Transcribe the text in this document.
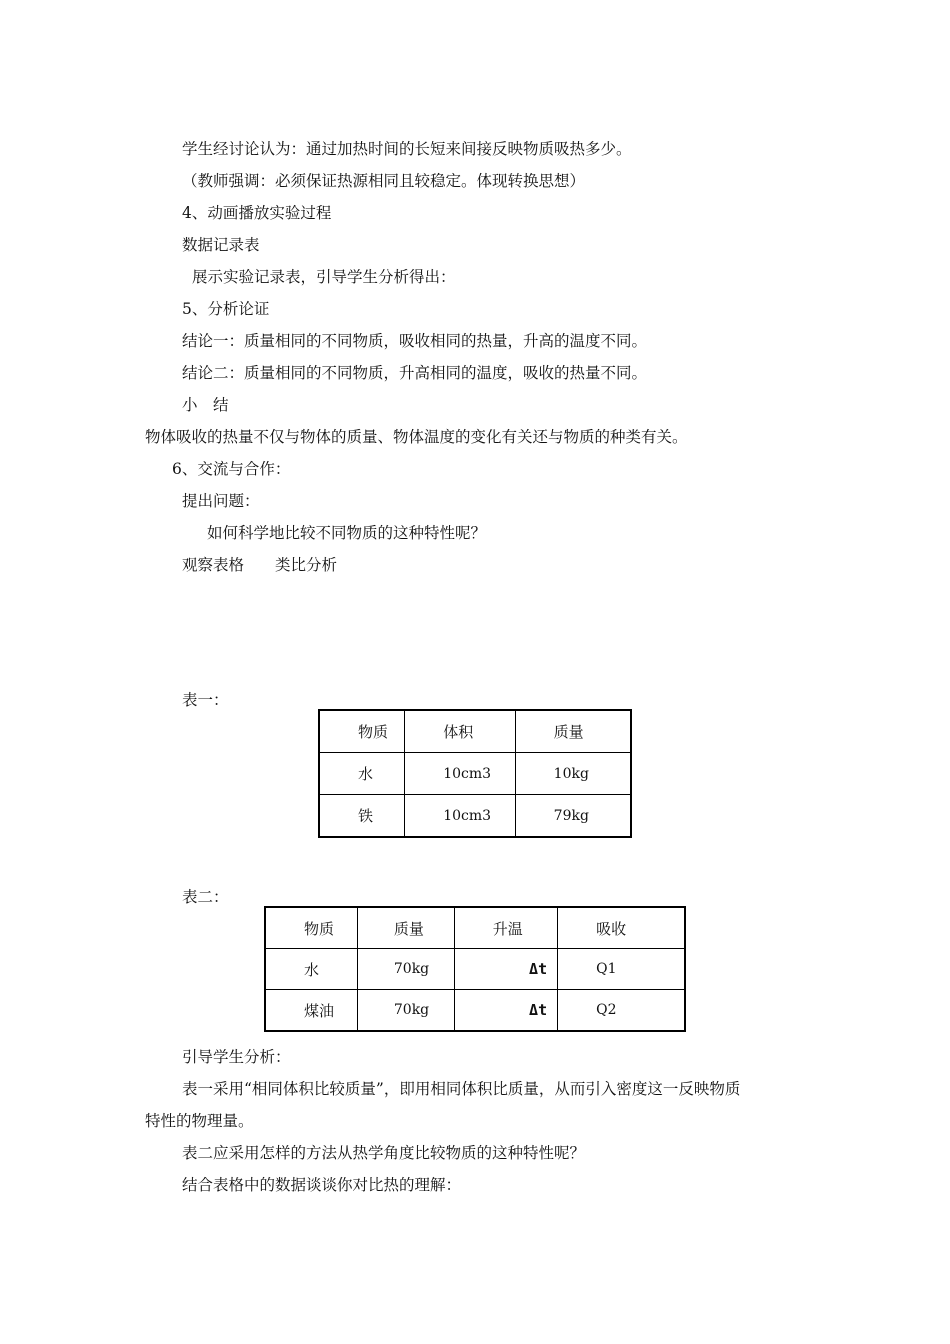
学生经讨论认为：通过加热时间的长短来间接反映物质吸热多少。
（教师强调：必须保证热源相同且较稳定。体现转换思想）
4、动画播放实验过程
数据记录表
展示实验记录表，引导学生分析得出：
5、分析论证
结论一：质量相同的不同物质，吸收相同的热量，升高的温度不同。
结论二：质量相同的不同物质，升高相同的温度，吸收的热量不同。
小　结
物体吸收的热量不仅与物体的质量、物体温度的变化有关还与物质的种类有关。
6、交流与合作：
提出问题：
如何科学地比较不同物质的这种特性呢？
观察表格　　类比分析
表一：
物质	体积	质量
水	10cm3	10kg
铁	10cm3	79kg
表二：
物质	质量	升温	吸收
水	70kg	Δt	Q1
煤油	70kg	Δt	Q2
引导学生分析：
表一采用“相同体积比较质量”，即用相同体积比质量，从而引入密度这一反映物质
特性的物理量。
表二应采用怎样的方法从热学角度比较物质的这种特性呢？
结合表格中的数据谈谈你对比热的理解：
